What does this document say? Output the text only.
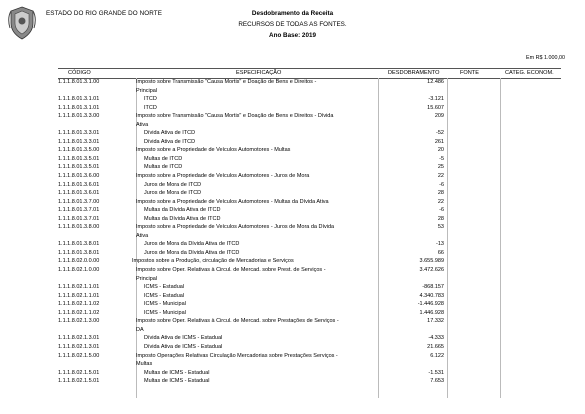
ESTADO DO RIO GRANDE DO NORTE	Desdobramento da Receita
RECURSOS DE TODAS AS FONTES.
Ano Base: 2019
Em R$ 1.000,00
CÓDIGO	ESPECIFICAÇÃO	DESDOBRAMENTO	FONTE	CATEG. ECONOM.
1.1.1.8.01.3.1.00	Imposto sobre Transmissão "Causa Mortis" e Doação de Bens e Direitos -	12.486
Principal
1.1.1.8.01.3.1.01	ITCD	-3.121
1.1.1.8.01.3.1.01	ITCD	15.607
1.1.1.8.01.3.3.00	Imposto sobre Transmissão "Causa Mortis" e Doação de Bens e Direitos - Dívida	209
Ativa
1.1.1.8.01.3.3.01	Dívida Ativa de ITCD	-52
1.1.1.8.01.3.3.01	Dívida Ativa de ITCD	261
1.1.1.8.01.3.5.00	Imposto sobre a Propriedade de Veículos Automotores - Multas	20
1.1.1.8.01.3.5.01	Multas de ITCD	-5
1.1.1.8.01.3.5.01	Multas de ITCD	25
1.1.1.8.01.3.6.00	Imposto sobre a Propriedade de Veículos Automotores - Juros de Mora	22
1.1.1.8.01.3.6.01	Juros de Mora de ITCD	-6
1.1.1.8.01.3.6.01	Juros de Mora de ITCD	28
1.1.1.8.01.3.7.00	Imposto sobre a Propriedade de Veículos Automotores - Multas da Dívida Ativa	22
1.1.1.8.01.3.7.01	Multas da Dívida Ativa de ITCD	-6
1.1.1.8.01.3.7.01	Multas da Dívida Ativa de ITCD	28
1.1.1.8.01.3.8.00	Imposto sobre a Propriedade de Veículos Automotores - Juros de Mora da Dívida	53
Ativa
1.1.1.8.01.3.8.01	Juros de Mora da Dívida Ativa de ITCD	-13
1.1.1.8.01.3.8.01	Juros de Mora da Dívida Ativa de ITCD	66
1.1.1.8.02.0.0.00	Impostos sobre a Produção, circulação de Mercadorias e Serviços	3.655.989
1.1.1.8.02.1.0.00	Imposto sobre Oper. Relativas à Circul. de Mercad. sobre Prest. de Serviços -	3.472.626
Principal
1.1.1.8.02.1.1.01	ICMS - Estadual	-868.157
1.1.1.8.02.1.1.01	ICMS - Estadual	4.340.783
1.1.1.8.02.1.1.02	ICMS - Municipal	-1.446.928
1.1.1.8.02.1.1.02	ICMS - Municipal	1.446.928
1.1.1.8.02.1.3.00	Imposto sobre Oper. Relativas à Circul. de Mercad. sobre Prestações de Serviços -	17.332
DA
1.1.1.8.02.1.3.01	Dívida Ativa de ICMS - Estadual	-4.333
1.1.1.8.02.1.3.01	Dívida Ativa de ICMS - Estadual	21.665
1.1.1.8.02.1.5.00	Imposto Operações Relativas Circulação Mercadorias sobre Prestações Serviços -	6.122
Multas
1.1.1.8.02.1.5.01	Multas de ICMS - Estadual	-1.531
1.1.1.8.02.1.5.01	Multas de ICMS - Estadual	7.653
